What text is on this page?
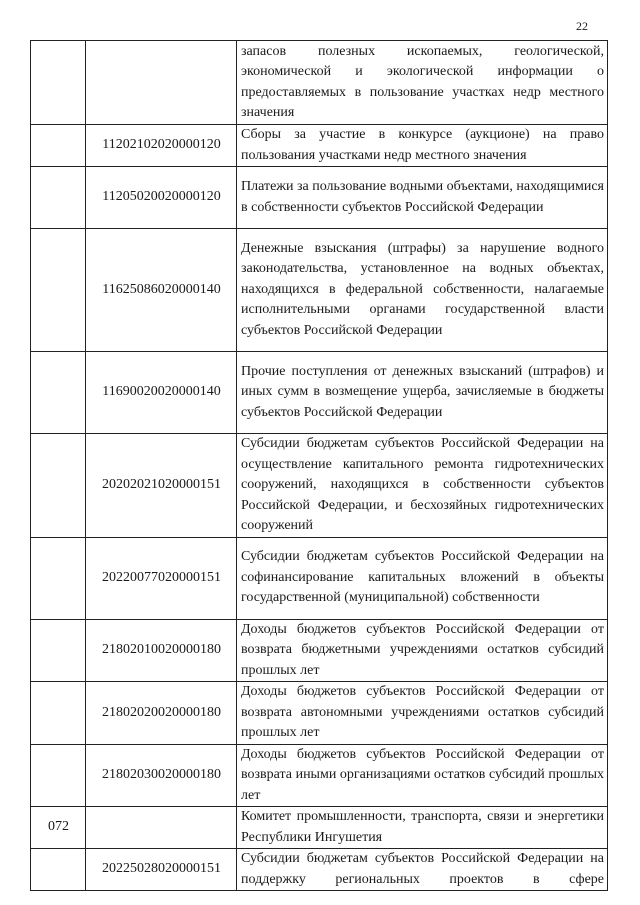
22
		запасов полезных ископаемых, геологической, экономической и экологической информации о предоставляемых в пользование участках недр местного значения
	11202102020000120	Сборы за участие в конкурсе (аукционе) на право пользования участками недр местного значения
	11205020020000120	Платежи за пользование водными объектами, находящимися в собственности субъектов Российской Федерации
	11625086020000140	Денежные взыскания (штрафы) за нарушение водного законодательства, установленное на водных объектах, находящихся в федеральной собственности, налагаемые исполнительными органами государственной власти субъектов Российской Федерации
	11690020020000140	Прочие поступления от денежных взысканий (штрафов) и иных сумм в возмещение ущерба, зачисляемые в бюджеты субъектов Российской Федерации
	20202021020000151	Субсидии бюджетам субъектов Российской Федерации на осуществление капитального ремонта гидротехнических сооружений, находящихся в собственности субъектов Российской Федерации, и бесхозяйных гидротехнических сооружений
	20220077020000151	Субсидии бюджетам субъектов Российской Федерации на софинансирование капитальных вложений в объекты государственной (муниципальной) собственности
	21802010020000180	Доходы бюджетов субъектов Российской Федерации от возврата бюджетными учреждениями остатков субсидий прошлых лет
	21802020020000180	Доходы бюджетов субъектов Российской Федерации от возврата автономными учреждениями остатков субсидий прошлых лет
	21802030020000180	Доходы бюджетов субъектов Российской Федерации от возврата иными организациями остатков субсидий прошлых лет
072		Комитет промышленности, транспорта, связи и энергетики Республики Ингушетия
	20225028020000151	Субсидии бюджетам субъектов Российской Федерации на поддержку региональных проектов в сфере
